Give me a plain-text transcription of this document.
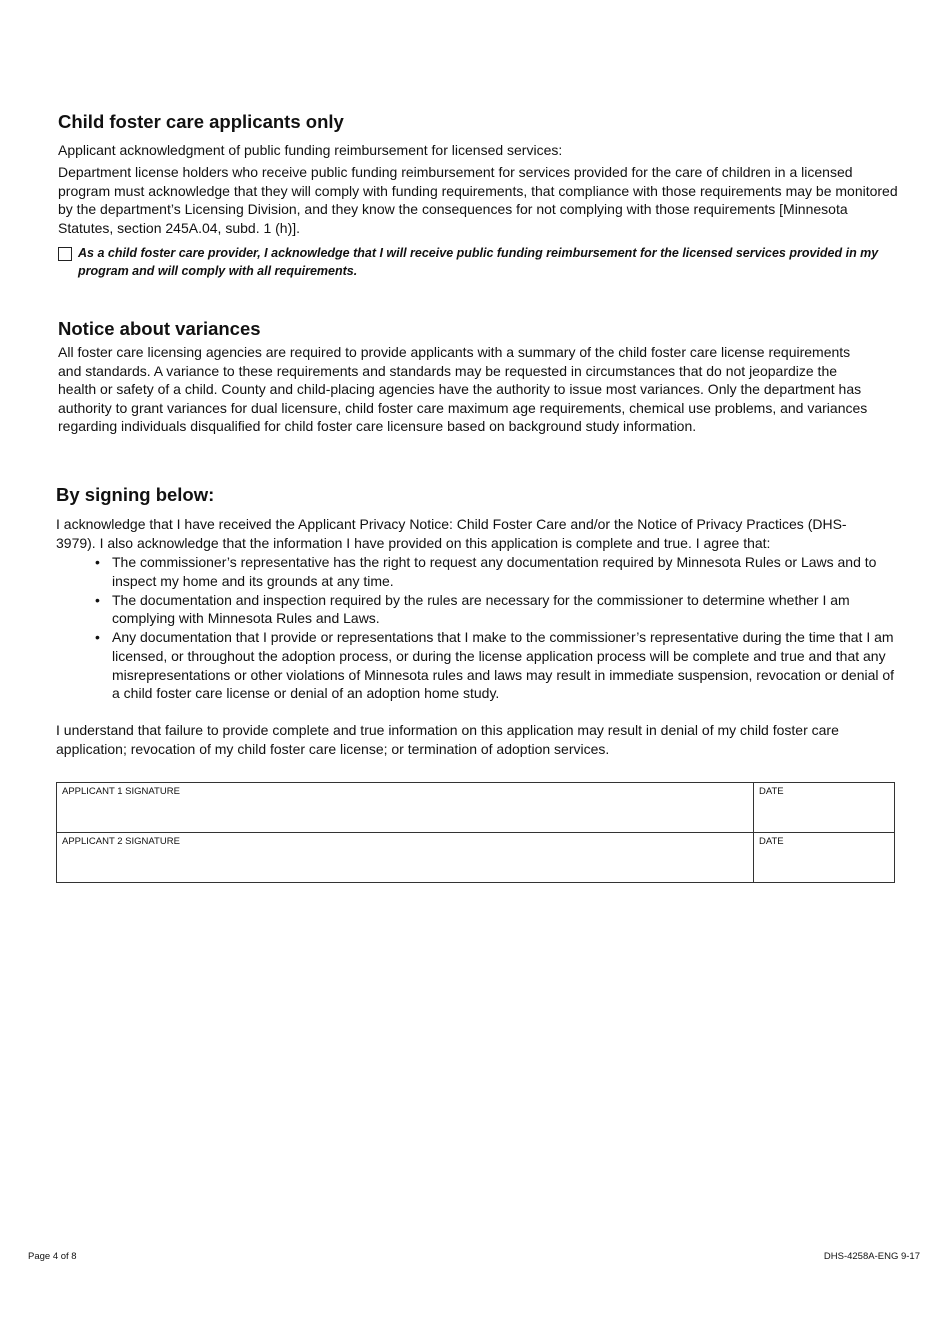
Child foster care applicants only

Applicant acknowledgment of public funding reimbursement for licensed services:

Department license holders who receive public funding reimbursement for services provided for the care of children in a licensed program must acknowledge that they will comply with funding requirements, that compliance with those requirements may be monitored by the department’s Licensing Division, and they know the consequences for not complying with those requirements [Minnesota Statutes, section 245A.04, subd. 1 (h)].

As a child foster care provider, I acknowledge that I will receive public funding reimbursement for the licensed services provided in my program and will comply with all requirements.

Notice about variances

All foster care licensing agencies are required to provide applicants with a summary of the child foster care license requirements and standards. A variance to these requirements and standards may be requested in circumstances that do not jeopardize the health or safety of a child. County and child-placing agencies have the authority to issue most variances. Only the department has authority to grant variances for dual licensure, child foster care maximum age requirements, chemical use problems, and variances regarding individuals disqualified for child foster care licensure based on background study information.

By signing below:

I acknowledge that I have received the Applicant Privacy Notice: Child Foster Care and/or the Notice of Privacy Practices (DHS-3979). I also acknowledge that the information I have provided on this application is complete and true. I agree that:

• The commissioner’s representative has the right to request any documentation required by Minnesota Rules or Laws and to inspect my home and its grounds at any time.
• The documentation and inspection required by the rules are necessary for the commissioner to determine whether I am complying with Minnesota Rules and Laws.
• Any documentation that I provide or representations that I make to the commissioner’s representative during the time that I am licensed, or throughout the adoption process, or during the license application process will be complete and true and that any misrepresentations or other violations of Minnesota rules and laws may result in immediate suspension, revocation or denial of a child foster care license or denial of an adoption home study.

I understand that failure to provide complete and true information on this application may result in denial of my child foster care application; revocation of my child foster care license; or termination of adoption services.

APPLICANT 1 SIGNATURE	DATE
APPLICANT 2 SIGNATURE	DATE
Page 4 of 8	DHS-4258A-ENG 9-17
